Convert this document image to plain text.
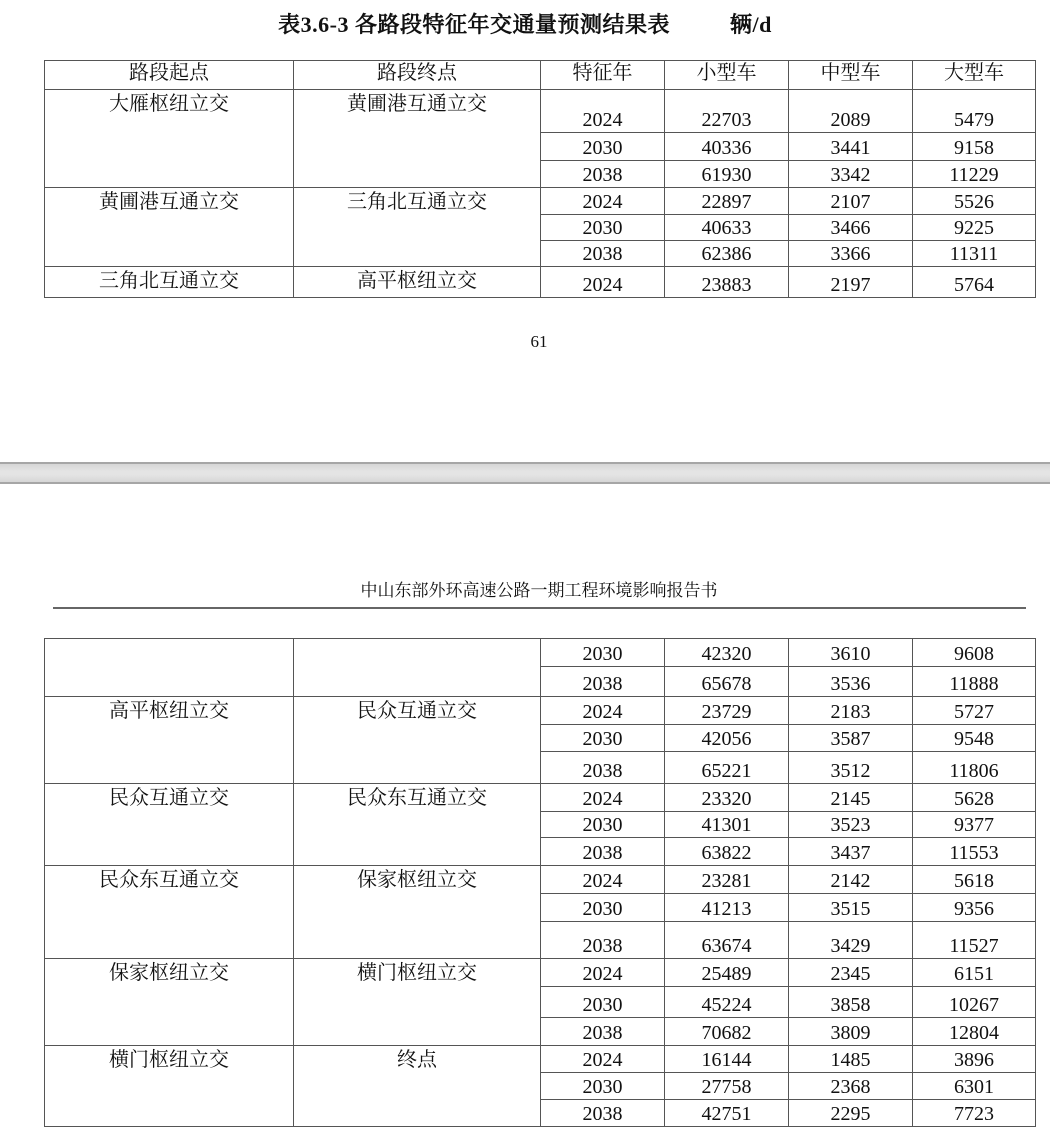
表3.6-3 各路段特征年交通量预测结果表	辆/d
路段起点	路段终点	特征年	小型车	中型车	大型车
大雁枢纽立交	黄圃港互通立交	2024	22703	2089	5479
		2030	40336	3441	9158
		2038	61930	3342	11229
黄圃港互通立交	三角北互通立交	2024	22897	2107	5526
		2030	40633	3466	9225
		2038	62386	3366	11311
三角北互通立交	高平枢纽立交	2024	23883	2197	5764
61
中山东部外环高速公路一期工程环境影响报告书
		2030	42320	3610	9608
		2038	65678	3536	11888
高平枢纽立交	民众互通立交	2024	23729	2183	5727
		2030	42056	3587	9548
		2038	65221	3512	11806
民众互通立交	民众东互通立交	2024	23320	2145	5628
		2030	41301	3523	9377
		2038	63822	3437	11553
民众东互通立交	保家枢纽立交	2024	23281	2142	5618
		2030	41213	3515	9356
		2038	63674	3429	11527
保家枢纽立交	横门枢纽立交	2024	25489	2345	6151
		2030	45224	3858	10267
		2038	70682	3809	12804
横门枢纽立交	终点	2024	16144	1485	3896
		2030	27758	2368	6301
		2038	42751	2295	7723
